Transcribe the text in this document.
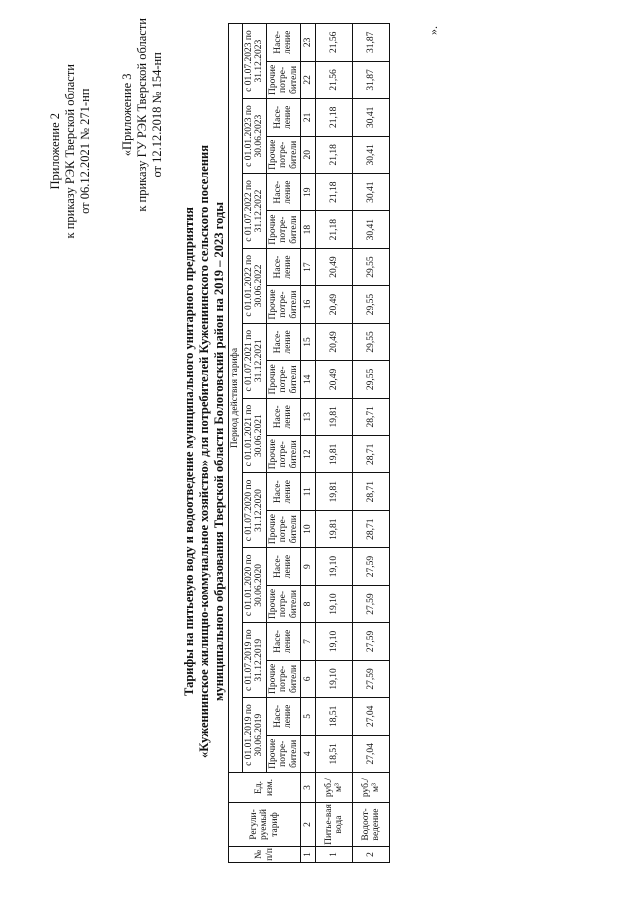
Приложение 2 к приказу РЭК Тверской области от 06.12.2021 № 271-нп «Приложение 3 к приказу ГУ РЭК Тверской области от 12.12.2018 № 154-нп
Тарифы на питьевую воду и водоотведение муниципального унитарного предприятия «Кужениинское жилищно-коммунальное хозяйство» для потребителей Кужениинского сельского поселения муниципального образования Тверской области Бологовский район на 2019 – 2023 годы
№ п/п	Регули-руемый тариф	Ед. изм.	Период действия тарифа																			
			с 01.01.2019 по 30.06.2019		с 01.07.2019 по 31.12.2019		с 01.01.2020 по 30.06.2020		с 01.07.2020 по 31.12.2020		с 01.01.2021 по 30.06.2021		с 01.07.2021 по 31.12.2021		с 01.01.2022 по 30.06.2022		с 01.07.2022 по 31.12.2022		с 01.01.2023 по 30.06.2023		с 01.07.2023 по 31.12.2023	
			Прочие потре-бители	Насе-ление	Прочие потре-бители	Насе-ление	Прочие потре-бители	Насе-ление	Прочие потре-бители	Насе-ление	Прочие потре-бители	Насе-ление	Прочие потре-бители	Насе-ление	Прочие потре-бители	Насе-ление	Прочие потре-бители	Насе-ление	Прочие потре-бители	Насе-ление	Прочие потре-бители	Насе-ление
1	2	3	4	5	6	7	8	9	10	11	12	13	14	15	16	17	18	19	20	21	22	23
1	Питье-вая вода	руб./м³	18,51	18,51	19,10	19,10	19,10	19,10	19,81	19,81	19,81	19,81	20,49	20,49	20,49	20,49	21,18	21,18	21,18	21,18	21,56	21,56
2	Водоот-ведение	руб./м³	27,04	27,04	27,59	27,59	27,59	27,59	28,71	28,71	28,71	28,71	29,55	29,55	29,55	29,55	30,41	30,41	30,41	30,41	31,87	31,87
».
